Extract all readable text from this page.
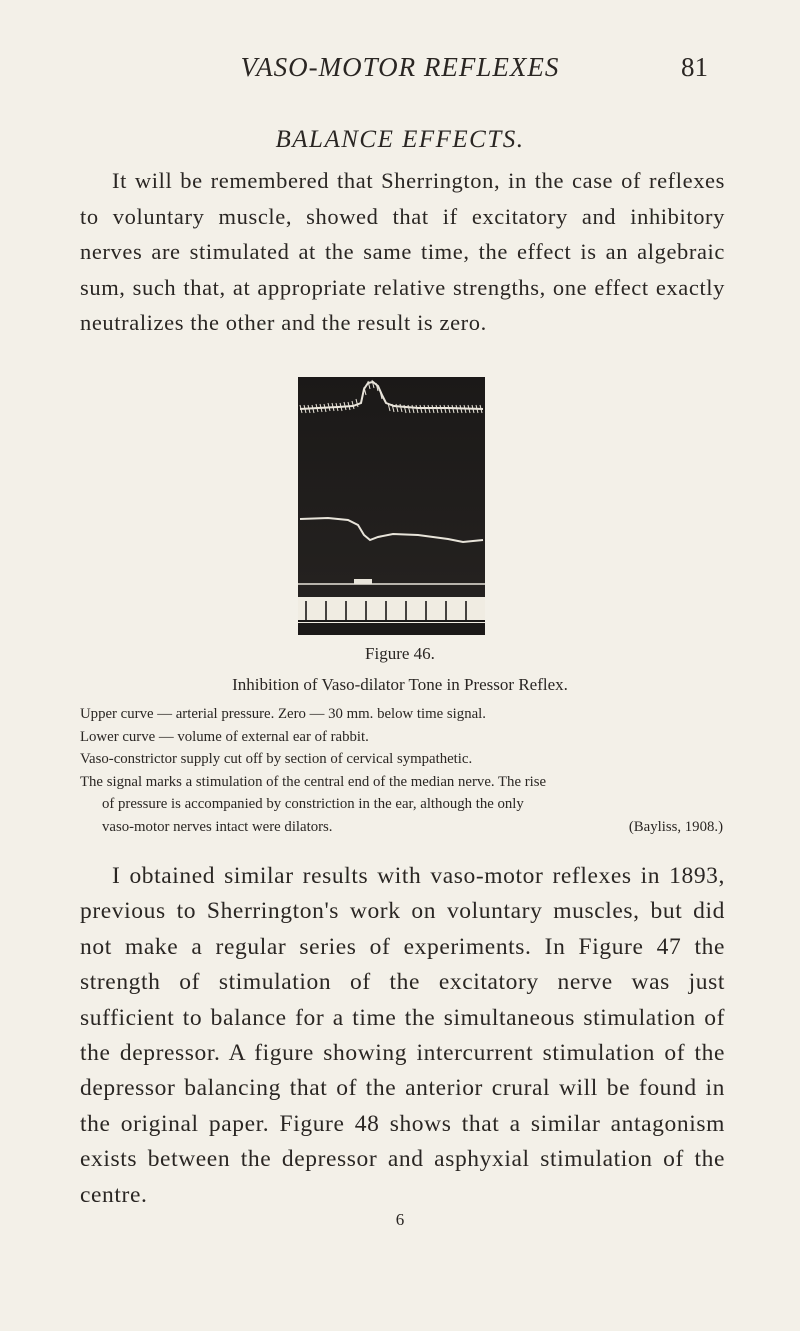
VASO-MOTOR REFLEXES	81
BALANCE EFFECTS.
It will be remembered that Sherrington, in the case of reflexes to voluntary muscle, showed that if excitatory and inhibitory nerves are stimulated at the same time, the effect is an algebraic sum, such that, at appropriate relative strengths, one effect exactly neutralizes the other and the result is zero.
Figure 46.
Inhibition of Vaso-dilator Tone in Pressor Reflex.
Upper curve — arterial pressure. Zero — 30 mm. below time signal.
Lower curve — volume of external ear of rabbit.
Vaso-constrictor supply cut off by section of cervical sympathetic.
The signal marks a stimulation of the central end of the median nerve. The rise
of pressure is accompanied by constriction in the ear, although the only
(Bayliss, 1908.)
vaso-motor nerves intact were dilators.
I obtained similar results with vaso-motor reflexes in 1893, previous to Sherrington's work on voluntary muscles, but did not make a regular series of experiments. In Figure 47 the strength of stimulation of the excitatory nerve was just sufficient to balance for a time the simultaneous stimulation of the depressor. A figure showing intercurrent stimulation of the depressor balancing that of the anterior crural will be found in the original paper. Figure 48 shows that a similar antagonism exists between the depressor and asphyxial stimulation of the centre.
6
